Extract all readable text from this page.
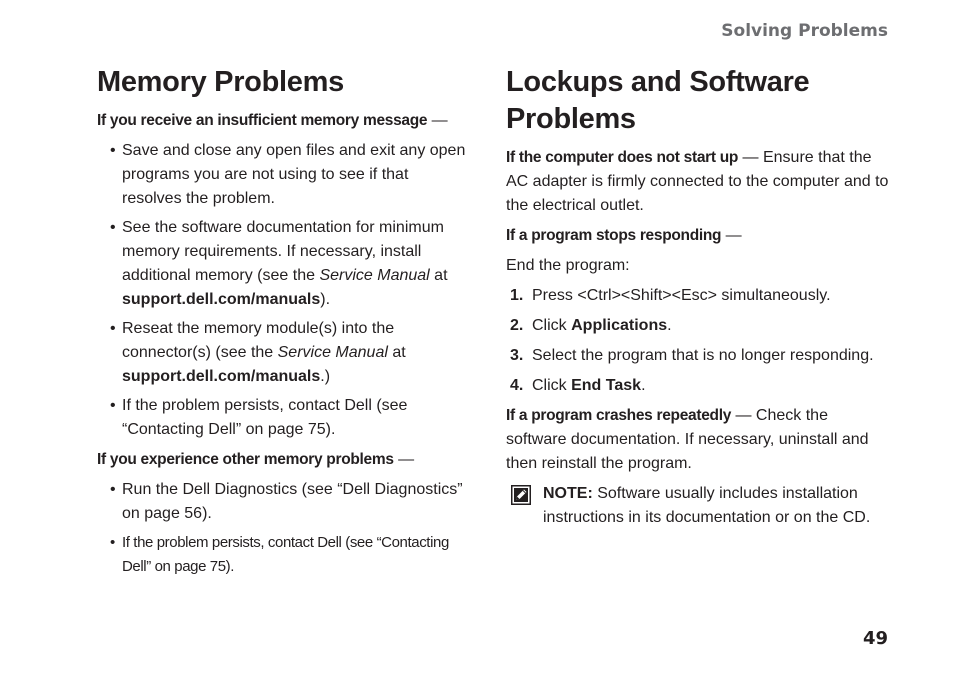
Solving Problems
Memory Problems

If you receive an insufficient memory message —

• Save and close any open files and exit any open programs you are not using to see if that resolves the problem.
• See the software documentation for minimum memory requirements. If necessary, install additional memory (see the Service Manual at support.dell.com/manuals).
• Reseat the memory module(s) into the connector(s) (see the Service Manual at support.dell.com/manuals.)
• If the problem persists, contact Dell (see “Contacting Dell” on page 75).

If you experience other memory problems —

• Run the Dell Diagnostics (see “Dell Diagnostics” on page 56).
• If the problem persists, contact Dell (see “Contacting Dell” on page 75).
Lockups and Software Problems

If the computer does not start up — Ensure that the AC adapter is firmly connected to the computer and to the electrical outlet.

If a program stops responding —

End the program:

1. Press <Ctrl><Shift><Esc> simultaneously.
2. Click Applications.
3. Select the program that is no longer responding.
4. Click End Task.

If a program crashes repeatedly — Check the software documentation. If necessary, uninstall and then reinstall the program.

NOTE: Software usually includes installation instructions in its documentation or on the CD.
49
